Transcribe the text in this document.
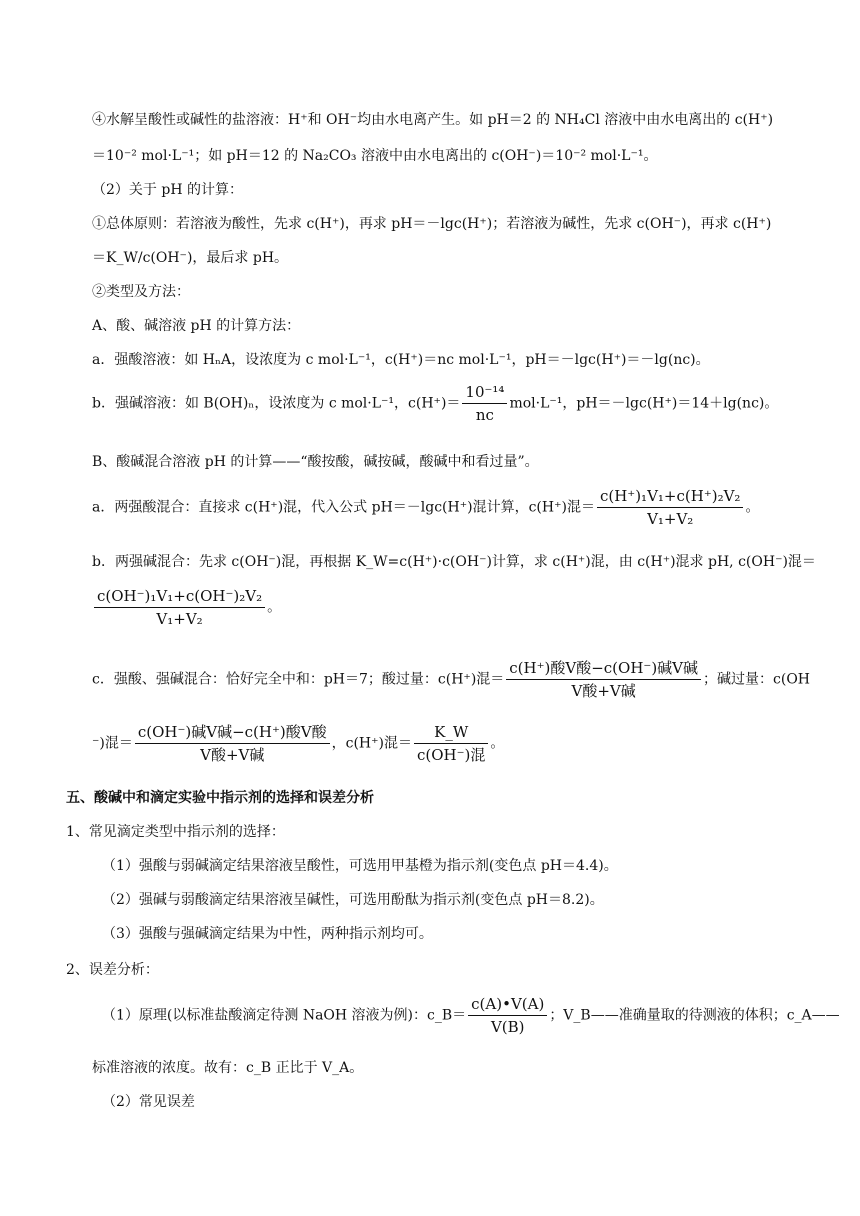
④水解呈酸性或碱性的盐溶液：H⁺和 OH⁻均由水电离产生。如 pH＝2 的 NH₄Cl 溶液中由水电离出的 c(H⁺)
＝10⁻² mol·L⁻¹；如 pH＝12 的 Na₂CO₃ 溶液中由水电离出的 c(OH⁻)＝10⁻² mol·L⁻¹。
（2）关于 pH 的计算：
①总体原则：若溶液为酸性，先求 c(H⁺)，再求 pH＝－lgc(H⁺)；若溶液为碱性，先求 c(OH⁻)，再求 c(H⁺)
＝K_W/c(OH⁻)，最后求 pH。
②类型及方法：
A、酸、碱溶液 pH 的计算方法：
a．强酸溶液：如 HₙA，设浓度为 c mol·L⁻¹，c(H⁺)＝nc mol·L⁻¹，pH＝－lgc(H⁺)＝－lg(nc)。
b．强碱溶液：如 B(OH)ₙ，设浓度为 c mol·L⁻¹，$c(H^+)= \frac{\text{10⁻¹⁴}}{nc} mol\cdot L^{-1}$，pH＝－lgc(H⁺)＝14＋lg(nc)。
B、酸碱混合溶液 pH 的计算——“酸按酸，碱按碱，酸碱中和看过量”。
a．两强酸混合：直接求 c(H⁺)混，代入公式 pH＝－lgc(H⁺)混计算，c(H⁺)混＝ $\frac{\text{c(H⁺)₁V₁+c(H⁺)₂V₂}}{\text{V₁+V₂}}$ 。
b．两强碱混合：先求 c(OH⁻)混，再根据 K_W=c(H⁺)·c(OH⁻)计算，求 c(H⁺)混，由 c(H⁺)混求 pH, c(OH⁻)混＝
$\frac{\text{c(OH⁻)₁V₁+c(OH⁻)₂V₂}}{\text{V₁+V₂}}$ 。
c．强酸、强碱混合：恰好完全中和：pH＝7；酸过量：c(H⁺)混＝ $\frac{\text{c(H⁺)酸V酸−c(OH⁻)碱V碱}}{\text{V酸+V碱}}$ ；碱过量：c(OH
⁻)混＝ $\frac{\text{c(OH⁻)碱V碱−c(H⁺)酸V酸}}{\text{V酸+V碱}}$ ，c(H⁺)混＝ $\frac{K\_W}{\text{c(OH⁻)混}}$ 。
五、酸碱中和滴定实验中指示剂的选择和误差分析
1、常见滴定类型中指示剂的选择：
（1）强酸与弱碱滴定结果溶液呈酸性，可选用甲基橙为指示剂(变色点 pH＝4.4)。
（2）强碱与弱酸滴定结果溶液呈碱性，可选用酚酞为指示剂(变色点 pH＝8.2)。
（3）强酸与强碱滴定结果为中性，两种指示剂均可。
2、误差分析：
（1）原理(以标准盐酸滴定待测 NaOH 溶液为例)：c_B＝ $\frac{c(A)•V(A)}{V(B)}$ ；V_B——准确量取的待测液的体积；c_A——
标准溶液的浓度。故有：c_B 正比于 V_A。
（2）常见误差
